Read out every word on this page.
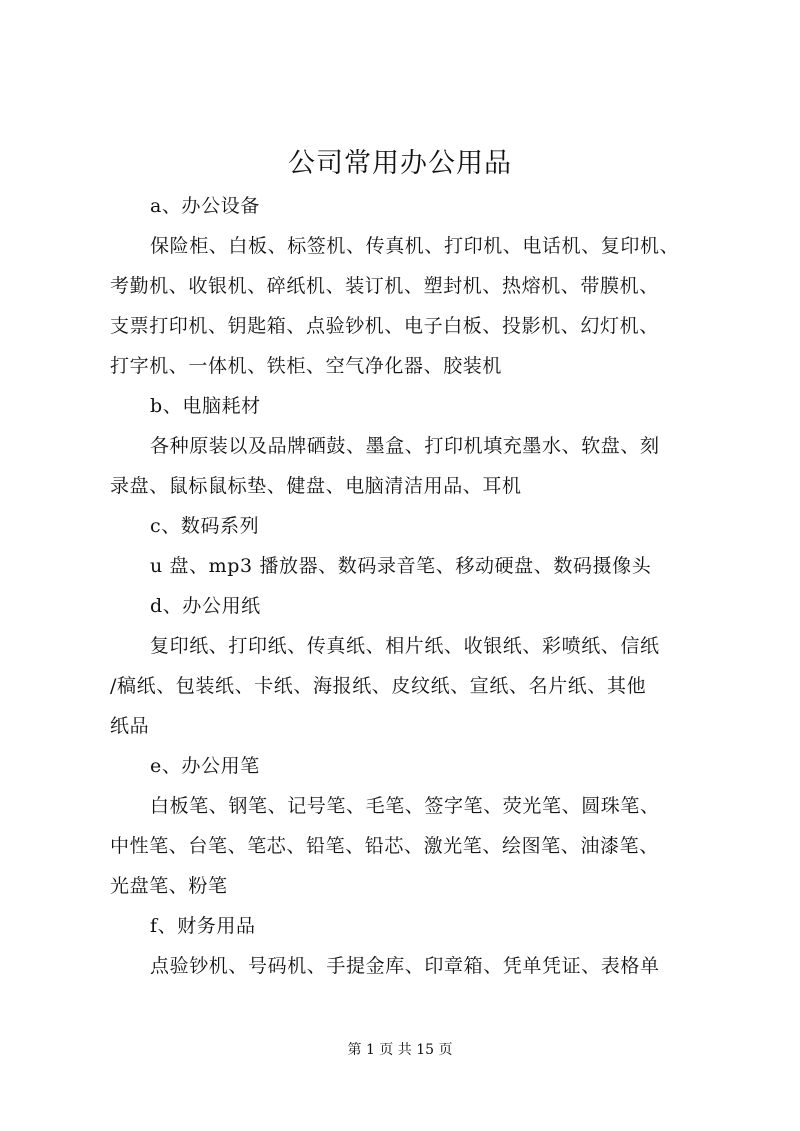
公司常用办公用品
a、办公设备
保险柜、白板、标签机、传真机、打印机、电话机、复印机、
考勤机、收银机、碎纸机、装订机、塑封机、热熔机、带膜机、
支票打印机、钥匙箱、点验钞机、电子白板、投影机、幻灯机、
打字机、一体机、铁柜、空气净化器、胶装机
b、电脑耗材
各种原装以及品牌硒鼓、墨盒、打印机填充墨水、软盘、刻
录盘、鼠标鼠标垫、健盘、电脑清洁用品、耳机
c、数码系列
u 盘、mp3 播放器、数码录音笔、移动硬盘、数码摄像头
d、办公用纸
复印纸、打印纸、传真纸、相片纸、收银纸、彩喷纸、信纸
/稿纸、包装纸、卡纸、海报纸、皮纹纸、宣纸、名片纸、其他
纸品
e、办公用笔
白板笔、钢笔、记号笔、毛笔、签字笔、荧光笔、圆珠笔、
中性笔、台笔、笔芯、铅笔、铅芯、激光笔、绘图笔、油漆笔、
光盘笔、粉笔
f、财务用品
点验钞机、号码机、手提金库、印章箱、凭单凭证、表格单
第 1 页 共 15 页
